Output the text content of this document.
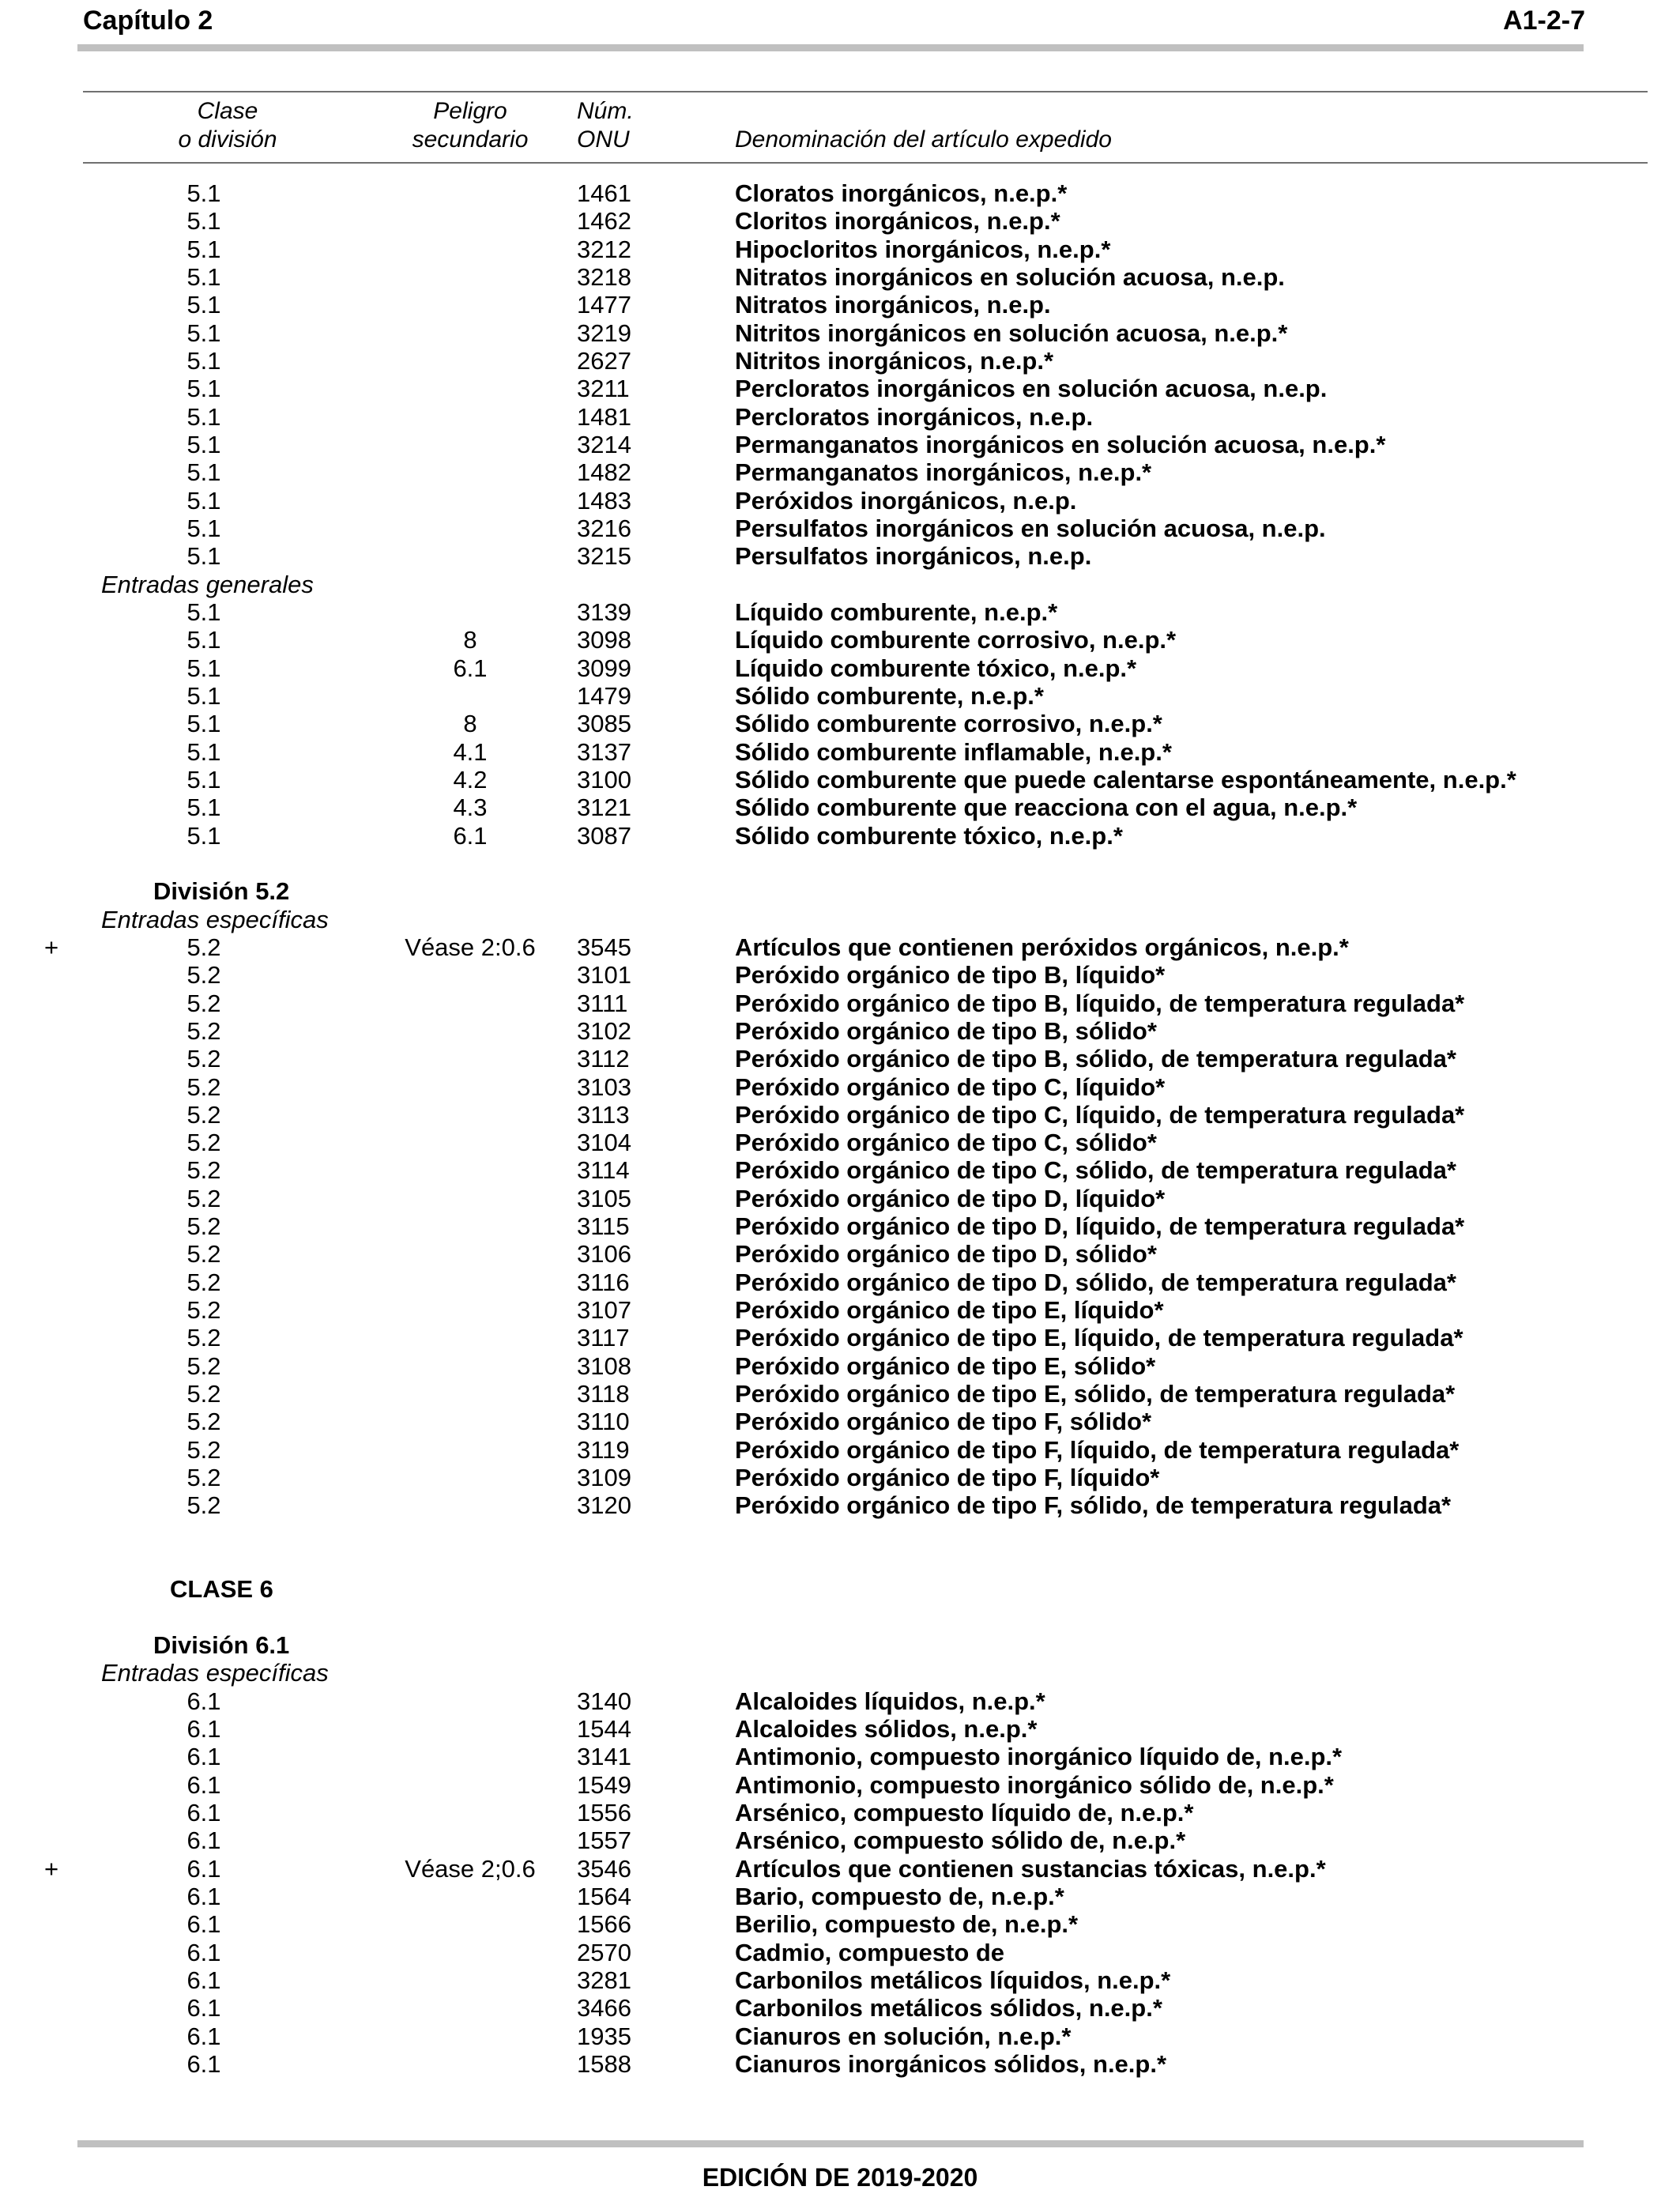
Capítulo 2	A1-2-7
Clase
o división
Peligro
secundario
Núm.
ONU	Denominación del artículo expedido
5.1	1461	Cloratos inorgánicos, n.e.p.*
5.1	1462	Cloritos inorgánicos, n.e.p.*
5.1	3212	Hipocloritos inorgánicos, n.e.p.*
5.1	3218	Nitratos inorgánicos en solución acuosa, n.e.p.
5.1	1477	Nitratos inorgánicos, n.e.p.
5.1	3219	Nitritos inorgánicos en solución acuosa, n.e.p.*
5.1	2627	Nitritos inorgánicos, n.e.p.*
5.1	3211	Percloratos inorgánicos en solución acuosa, n.e.p.
5.1	1481	Percloratos inorgánicos, n.e.p.
5.1	3214	Permanganatos inorgánicos en solución acuosa, n.e.p.*
5.1	1482	Permanganatos inorgánicos, n.e.p.*
5.1	1483	Peróxidos inorgánicos, n.e.p.
5.1	3216	Persulfatos inorgánicos en solución acuosa, n.e.p.
5.1	3215	Persulfatos inorgánicos, n.e.p.
Entradas generales
5.1	3139	Líquido comburente, n.e.p.*
5.1	8	3098	Líquido comburente corrosivo, n.e.p.*
5.1	6.1	3099	Líquido comburente tóxico, n.e.p.*
5.1	1479	Sólido comburente, n.e.p.*
5.1	8	3085	Sólido comburente corrosivo, n.e.p.*
5.1	4.1	3137	Sólido comburente inflamable, n.e.p.*
5.1	4.2	3100	Sólido comburente que puede calentarse espontáneamente, n.e.p.*
5.1	4.3	3121	Sólido comburente que reacciona con el agua, n.e.p.*
5.1	6.1	3087	Sólido comburente tóxico, n.e.p.*
División 5.2
Entradas específicas
+	5.2	Véase 2:0.6	3545	Artículos que contienen peróxidos orgánicos, n.e.p.*
5.2	3101	Peróxido orgánico de tipo B, líquido*
5.2	3111	Peróxido orgánico de tipo B, líquido, de temperatura regulada*
5.2	3102	Peróxido orgánico de tipo B, sólido*
5.2	3112	Peróxido orgánico de tipo B, sólido, de temperatura regulada*
5.2	3103	Peróxido orgánico de tipo C, líquido*
5.2	3113	Peróxido orgánico de tipo C, líquido, de temperatura regulada*
5.2	3104	Peróxido orgánico de tipo C, sólido*
5.2	3114	Peróxido orgánico de tipo C, sólido, de temperatura regulada*
5.2	3105	Peróxido orgánico de tipo D, líquido*
5.2	3115	Peróxido orgánico de tipo D, líquido, de temperatura regulada*
5.2	3106	Peróxido orgánico de tipo D, sólido*
5.2	3116	Peróxido orgánico de tipo D, sólido, de temperatura regulada*
5.2	3107	Peróxido orgánico de tipo E, líquido*
5.2	3117	Peróxido orgánico de tipo E, líquido, de temperatura regulada*
5.2	3108	Peróxido orgánico de tipo E, sólido*
5.2	3118	Peróxido orgánico de tipo E, sólido, de temperatura regulada*
5.2	3110	Peróxido orgánico de tipo F, sólido*
5.2	3119	Peróxido orgánico de tipo F, líquido, de temperatura regulada*
5.2	3109	Peróxido orgánico de tipo F, líquido*
5.2	3120	Peróxido orgánico de tipo F, sólido, de temperatura regulada*
CLASE 6
División 6.1
Entradas específicas
6.1	3140	Alcaloides líquidos, n.e.p.*
6.1	1544	Alcaloides sólidos, n.e.p.*
6.1	3141	Antimonio, compuesto inorgánico líquido de, n.e.p.*
6.1	1549	Antimonio, compuesto inorgánico sólido de, n.e.p.*
6.1	1556	Arsénico, compuesto líquido de, n.e.p.*
6.1	1557	Arsénico, compuesto sólido de, n.e.p.*
+	6.1	Véase 2;0.6	3546	Artículos que contienen sustancias tóxicas, n.e.p.*
6.1	1564	Bario, compuesto de, n.e.p.*
6.1	1566	Berilio, compuesto de, n.e.p.*
6.1	2570	Cadmio, compuesto de
6.1	3281	Carbonilos metálicos líquidos, n.e.p.*
6.1	3466	Carbonilos metálicos sólidos, n.e.p.*
6.1	1935	Cianuros en solución, n.e.p.*
6.1	1588	Cianuros inorgánicos sólidos, n.e.p.*
EDICIÓN DE 2019-2020
